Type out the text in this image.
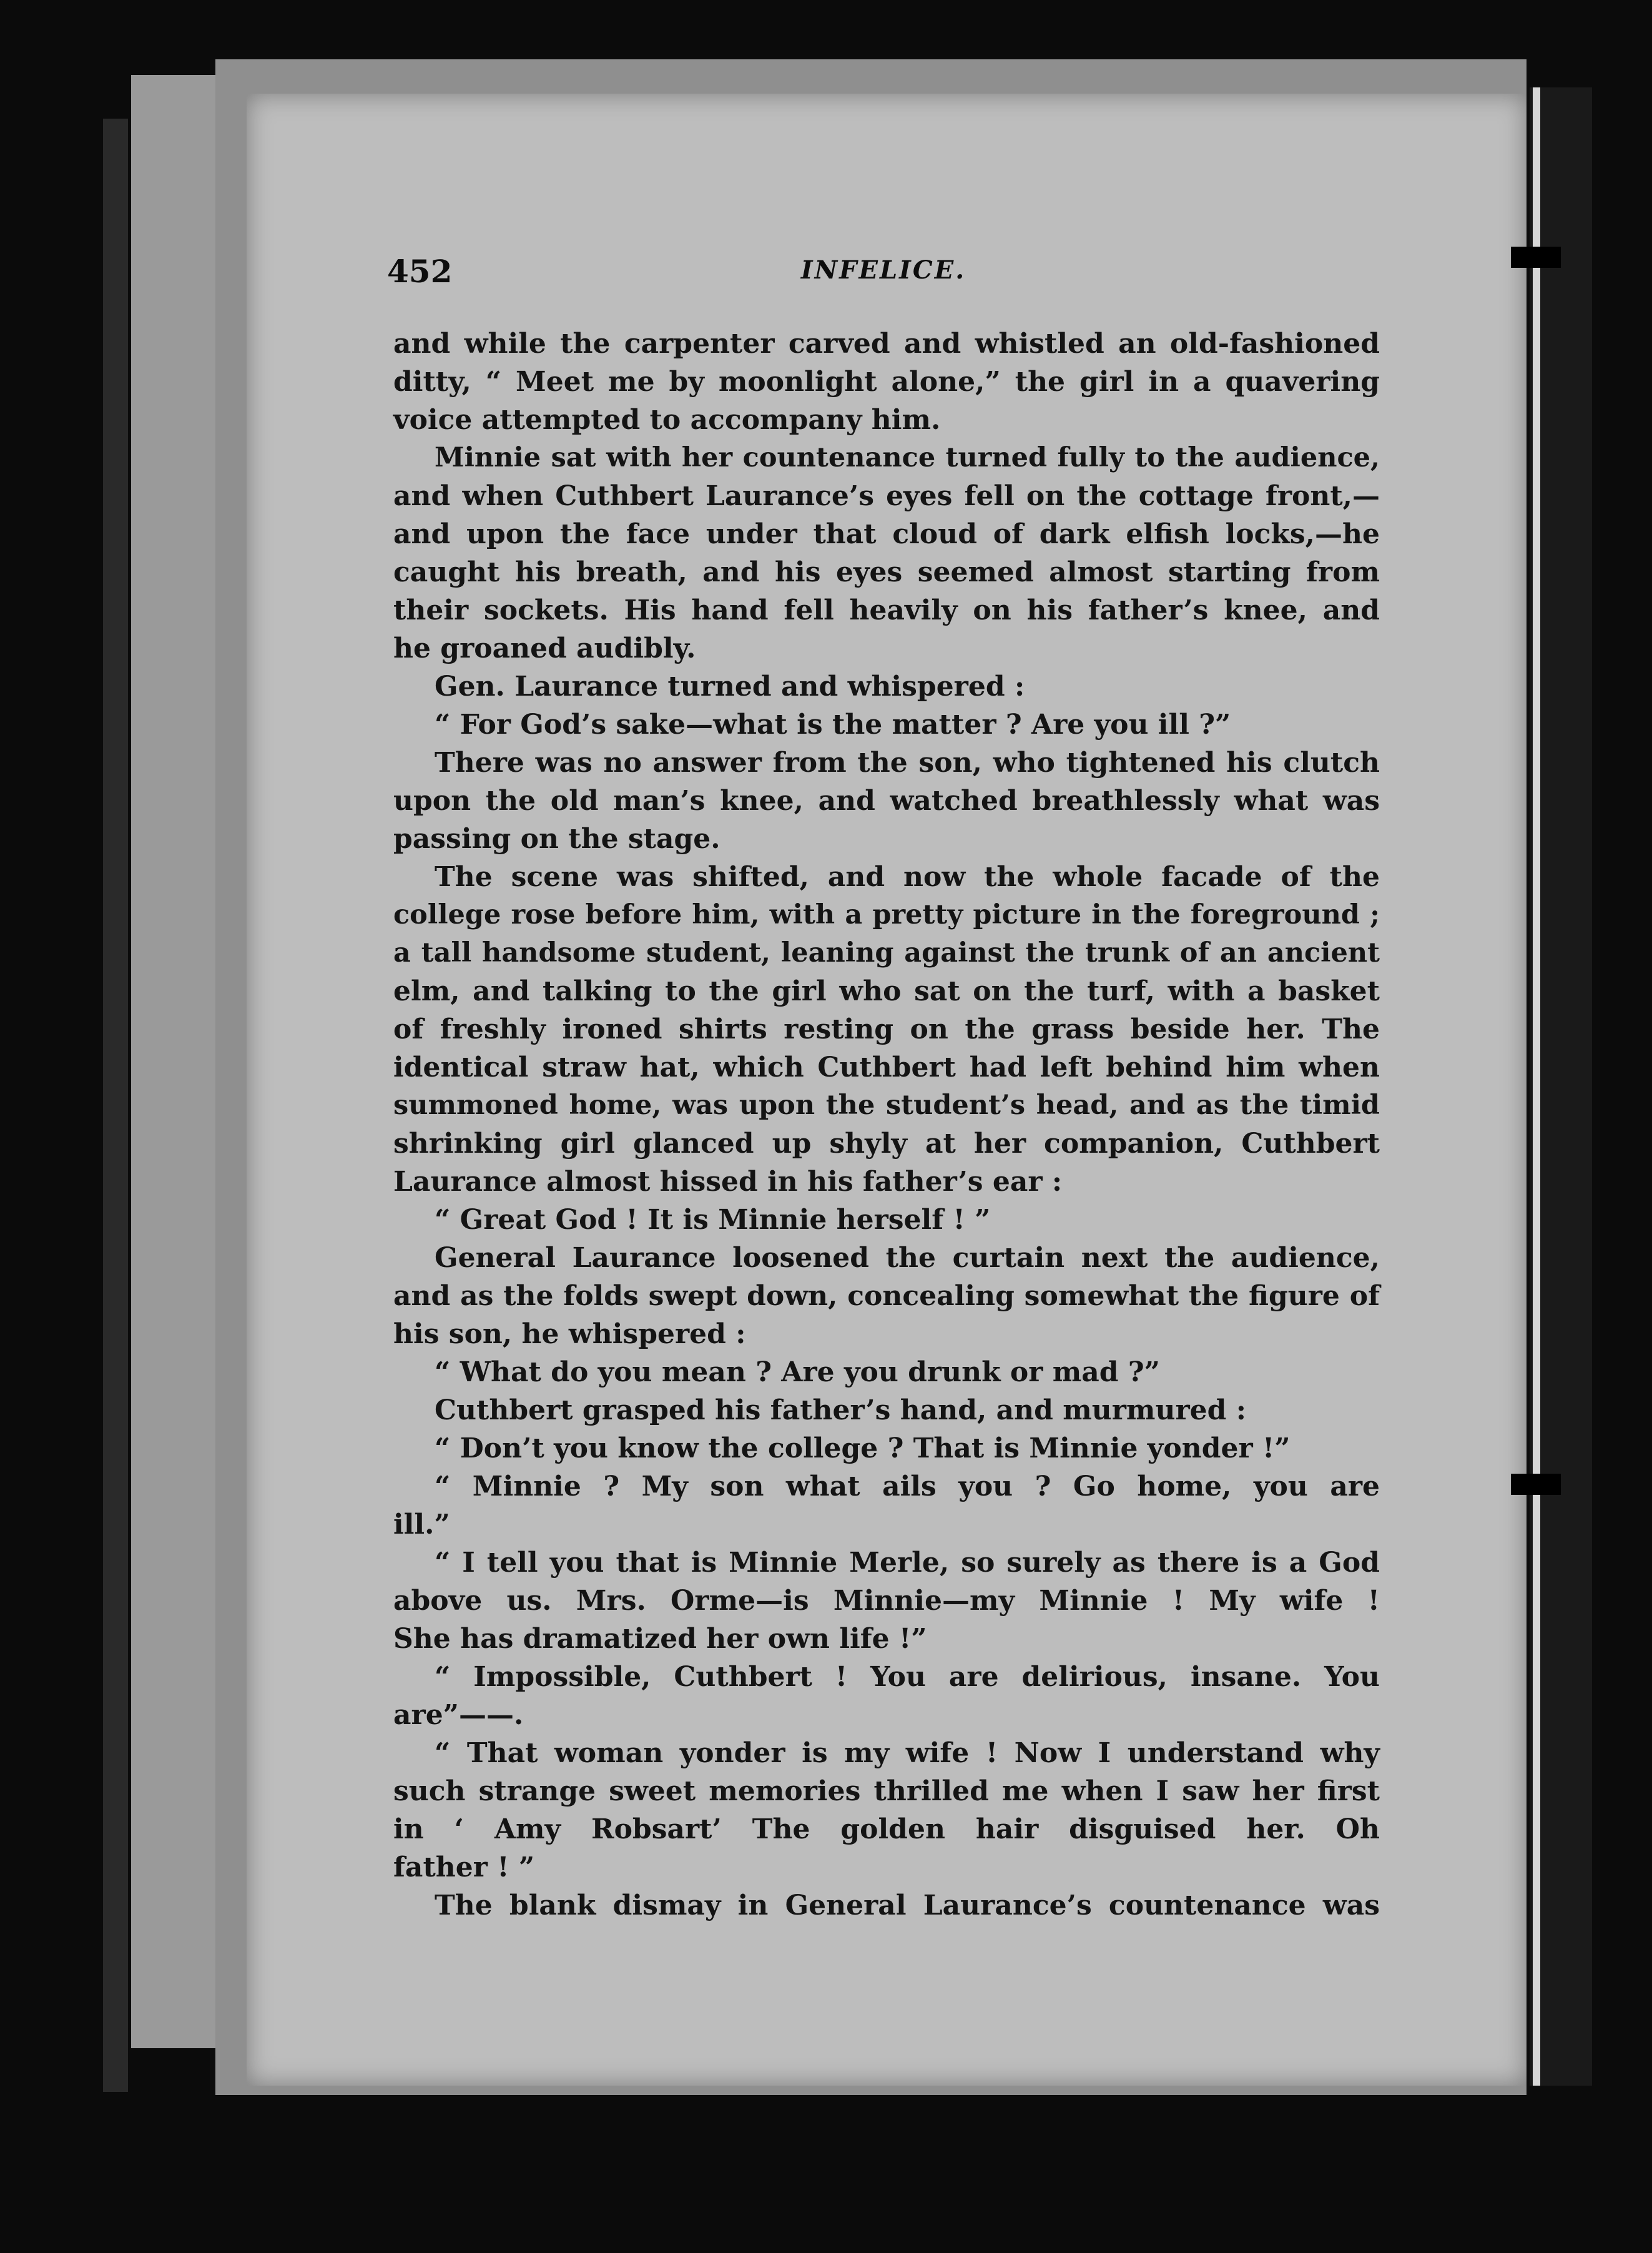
452	INFELICE.
and while the carpenter carved and whistled an old-fashioned
ditty, “ Meet me by moonlight alone,” the girl in a quavering
voice attempted to accompany him.
Minnie sat with her countenance turned fully to the audience,
and when Cuthbert Laurance’s eyes fell on the cottage front,—
and upon the face under that cloud of dark elfish locks,—he
caught his breath, and his eyes seemed almost starting from
their sockets. His hand fell heavily on his father’s knee, and
he groaned audibly.
Gen. Laurance turned and whispered :
“ For God’s sake—what is the matter ? Are you ill ?”
There was no answer from the son, who tightened his clutch
upon the old man’s knee, and watched breathlessly what was
passing on the stage.
The scene was shifted, and now the whole facade of the
college rose before him, with a pretty picture in the foreground ;
a tall handsome student, leaning against the trunk of an ancient
elm, and talking to the girl who sat on the turf, with a basket
of freshly ironed shirts resting on the grass beside her. The
identical straw hat, which Cuthbert had left behind him when
summoned home, was upon the student’s head, and as the timid
shrinking girl glanced up shyly at her companion, Cuthbert
Laurance almost hissed in his father’s ear :
“ Great God ! It is Minnie herself ! ”
General Laurance loosened the curtain next the audience,
and as the folds swept down, concealing somewhat the figure of
his son, he whispered :
“ What do you mean ? Are you drunk or mad ?”
Cuthbert grasped his father’s hand, and murmured :
“ Don’t you know the college ? That is Minnie yonder !”
“ Minnie ? My son what ails you ? Go home, you are
ill.”
“ I tell you that is Minnie Merle, so surely as there is a God
above us. Mrs. Orme—is Minnie—my Minnie ! My wife !
She has dramatized her own life !”
“ Impossible, Cuthbert ! You are delirious, insane. You
are”——.
“ That woman yonder is my wife ! Now I understand why
such strange sweet memories thrilled me when I saw her first
in ‘ Amy Robsart’ The golden hair disguised her. Oh
father ! ”
The blank dismay in General Laurance’s countenance was
